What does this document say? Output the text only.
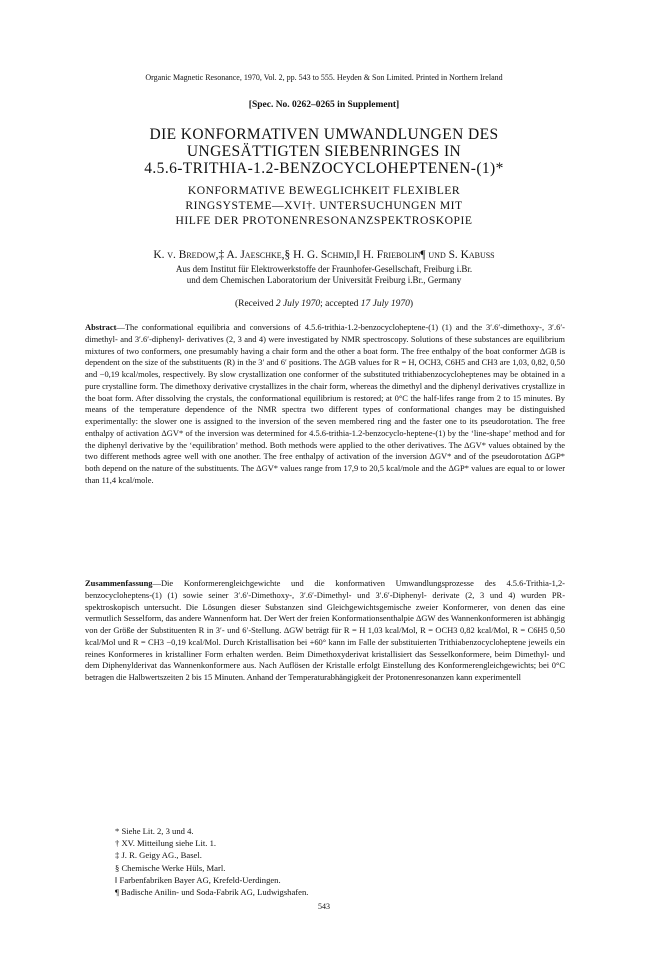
Organic Magnetic Resonance, 1970, Vol. 2, pp. 543 to 555. Heyden & Son Limited. Printed in Northern Ireland
[Spec. No. 0262–0265 in Supplement]
DIE KONFORMATIVEN UMWANDLUNGEN DES
UNGESÄTTIGTEN SIEBENRINGES IN
4.5.6-TRITHIA-1.2-BENZOCYCLOHEPTENEN-(1)*
KONFORMATIVE BEWEGLICHKEIT FLEXIBLER
RINGSYSTEME—XVI†. UNTERSUCHUNGEN MIT
HILFE DER PROTONENRESONANZSPEKTROSKOPIE
K. v. Bredow,‡ A. Jaeschke,§ H. G. Schmid,‖ H. Friebolin¶ und S. Kabuß
Aus dem Institut für Elektrowerkstoffe der Fraunhofer-Gesellschaft, Freiburg i.Br.
und dem Chemischen Laboratorium der Universität Freiburg i.Br., Germany
(Received 2 July 1970; accepted 17 July 1970)
Abstract—The conformational equilibria and conversions of 4.5.6-trithia-1.2-benzocycloheptene-(1) (1) and the 3′.6′-dimethoxy-, 3′.6′-dimethyl- and 3′.6′-diphenyl- derivatives (2, 3 and 4) were investigated by NMR spectroscopy. Solutions of these substances are equilibrium mixtures of two conformers, one presumably having a chair form and the other a boat form. The free enthalpy of the boat conformer ΔGB is dependent on the size of the substituents (R) in the 3′ and 6′ positions. The ΔGB values for R = H, OCH3, C6H5 and CH3 are 1,03, 0,82, 0,50 and −0,19 kcal/moles, respectively. By slow crystallization one conformer of the substituted trithiabenzocycloheptenes may be obtained in a pure crystalline form. The dimethoxy derivative crystallizes in the chair form, whereas the dimethyl and the diphenyl derivatives crystallize in the boat form. After dissolving the crystals, the conformational equilibrium is restored; at 0°C the half-lifes range from 2 to 15 minutes. By means of the temperature dependence of the NMR spectra two different types of conformational changes may be distinguished experimentally: the slower one is assigned to the inversion of the seven membered ring and the faster one to its pseudorotation. The free enthalpy of activation ΔGV* of the inversion was determined for 4.5.6-trithia-1.2-benzocyclo-heptene-(1) by the ‘line-shape’ method and for the diphenyl derivative by the ‘equilibration’ method. Both methods were applied to the other derivatives. The ΔGV* values obtained by the two different methods agree well with one another. The free enthalpy of activation of the inversion ΔGV* and of the pseudorotation ΔGP* both depend on the nature of the substituents. The ΔGV* values range from 17,9 to 20,5 kcal/mole and the ΔGP* values are equal to or lower than 11,4 kcal/mole.
Zusammenfassung—Die Konformerengleichgewichte und die konformativen Umwandlungsprozesse des 4.5.6-Trithia-1,2-benzocycloheptens-(1) (1) sowie seiner 3′.6′-Dimethoxy-, 3′.6′-Dimethyl- und 3′.6′-Diphenyl- derivate (2, 3 und 4) wurden PR-spektroskopisch untersucht. Die Lösungen dieser Substanzen sind Gleichgewichtsgemische zweier Konformerer, von denen das eine vermutlich Sesselform, das andere Wannenform hat. Der Wert der freien Konformationsenthalpie ΔGW des Wannenkonformeren ist abhängig von der Größe der Substituenten R in 3′- und 6′-Stellung. ΔGW beträgt für R = H 1,03 kcal/Mol, R = OCH3 0,82 kcal/Mol, R = C6H5 0,50 kcal/Mol und R = CH3 −0,19 kcal/Mol. Durch Kristallisation bei +60° kann im Falle der substituierten Trithiabenzocycloheptene jeweils ein reines Konformeres in kristalliner Form erhalten werden. Beim Dimethoxyderivat kristallisiert das Sesselkonformere, beim Dimethyl- und dem Diphenylderivat das Wannenkonformere aus. Nach Auflösen der Kristalle erfolgt Einstellung des Konformerengleichgewichts; bei 0°C betragen die Halbwertszeiten 2 bis 15 Minuten. Anhand der Temperaturabhängigkeit der Protonenresonanzen kann experimentell
* Siehe Lit. 2, 3 und 4.
† XV. Mitteilung siehe Lit. 1.
‡ J. R. Geigy AG., Basel.
§ Chemische Werke Hüls, Marl.
‖ Farbenfabriken Bayer AG, Krefeld-Uerdingen.
¶ Badische Anilin- und Soda-Fabrik AG, Ludwigshafen.
543
